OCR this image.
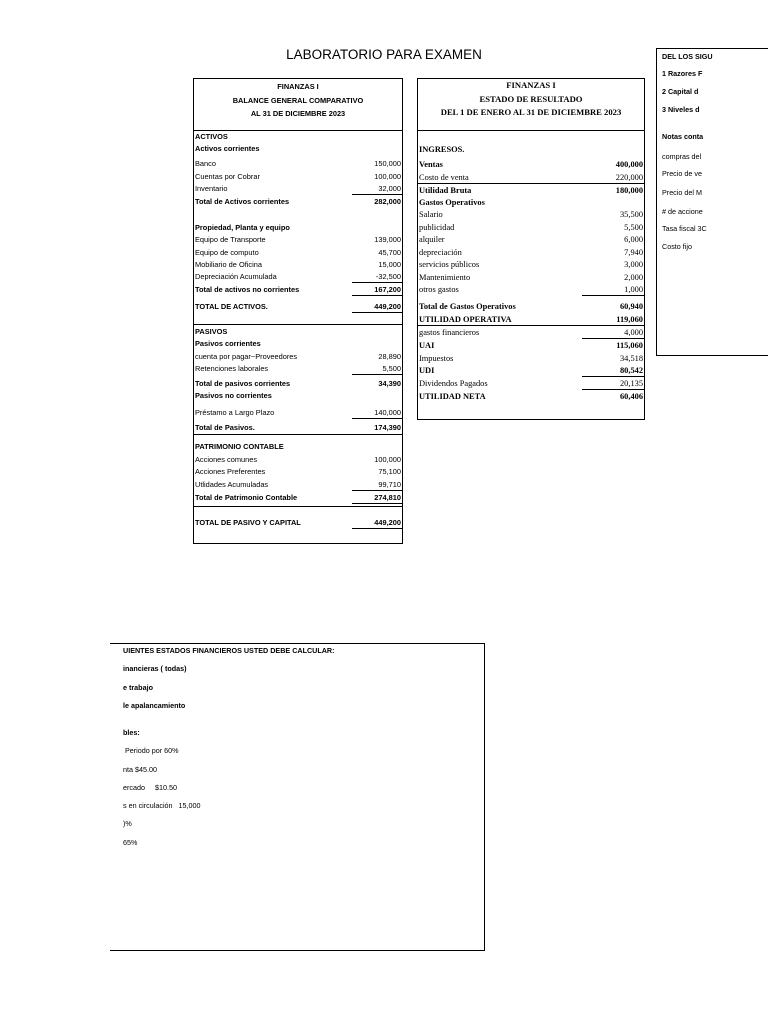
LABORATORIO PARA EXAMEN
FINANZAS I
BALANCE GENERAL COMPARATIVO
AL 31 DE DICIEMBRE 2023
ACTIVOS
Activos corrientes
Banco	150,000
Cuentas por Cobrar	100,000
Inventario	32,000
Total de Activos corrientes	282,000
Propiedad, Planta y equipo
Equipo de Transporte	139,000
Equipo de computo	45,700
Mobiliario de Oficina	15,000
Depreciación Acumulada	-32,500
Total de activos no corrientes	167,200
TOTAL DE ACTIVOS.	449,200
PASIVOS
Pasivos corrientes
cuenta por pagar~Proveedores	28,890
Retenciones laborales	5,500
Total de pasivos corrientes	34,390
Pasivos no corrientes
Préstamo a Largo Plazo	140,000
Total de Pasivos.	174,390
PATRIMONIO CONTABLE
Acciones comunes	100,000
Acciones Preferentes	75,100
Utlidades Acumuladas	99,710
Total de Patrimonio Contable	274,810
TOTAL DE PASIVO Y CAPITAL	449,200
FINANZAS I
ESTADO DE RESULTADO
DEL 1 DE ENERO AL 31 DE DICIEMBRE 2023
INGRESOS.
Ventas	400,000
Costo de venta	220,000
Utilidad Bruta	180,000
Gastos Operativos
Salario	35,500
publicidad	5,500
alquiler	6,000
depreciación	7,940
servicios públicos	3,000
Mantenimiento	2,000
otros gastos	1,000
Total de Gastos Operativos	60,940
UTILIDAD OPERATIVA	119,060
gastos financieros	4,000
UAI	115,060
Impuestos	34,518
UDI	80,542
Dividendos Pagados	20,135
UTILIDAD NETA	60,406
DEL LOS SIGU
1 Razores F
2 Capital d
3 Niveles d
Notas conta
compras del
Precio de ve
Precio del M
# de accione
Tasa fiscal 3C
Costo fijo
UIENTES ESTADOS FINANCIEROS USTED DEBE CALCULAR:
inancieras ( todas)
e trabajo
le apalancamiento
bles:
Periodo por 60%
nta $45.00
ercado     $10.50
s en circulación   15,000
)%
65%
